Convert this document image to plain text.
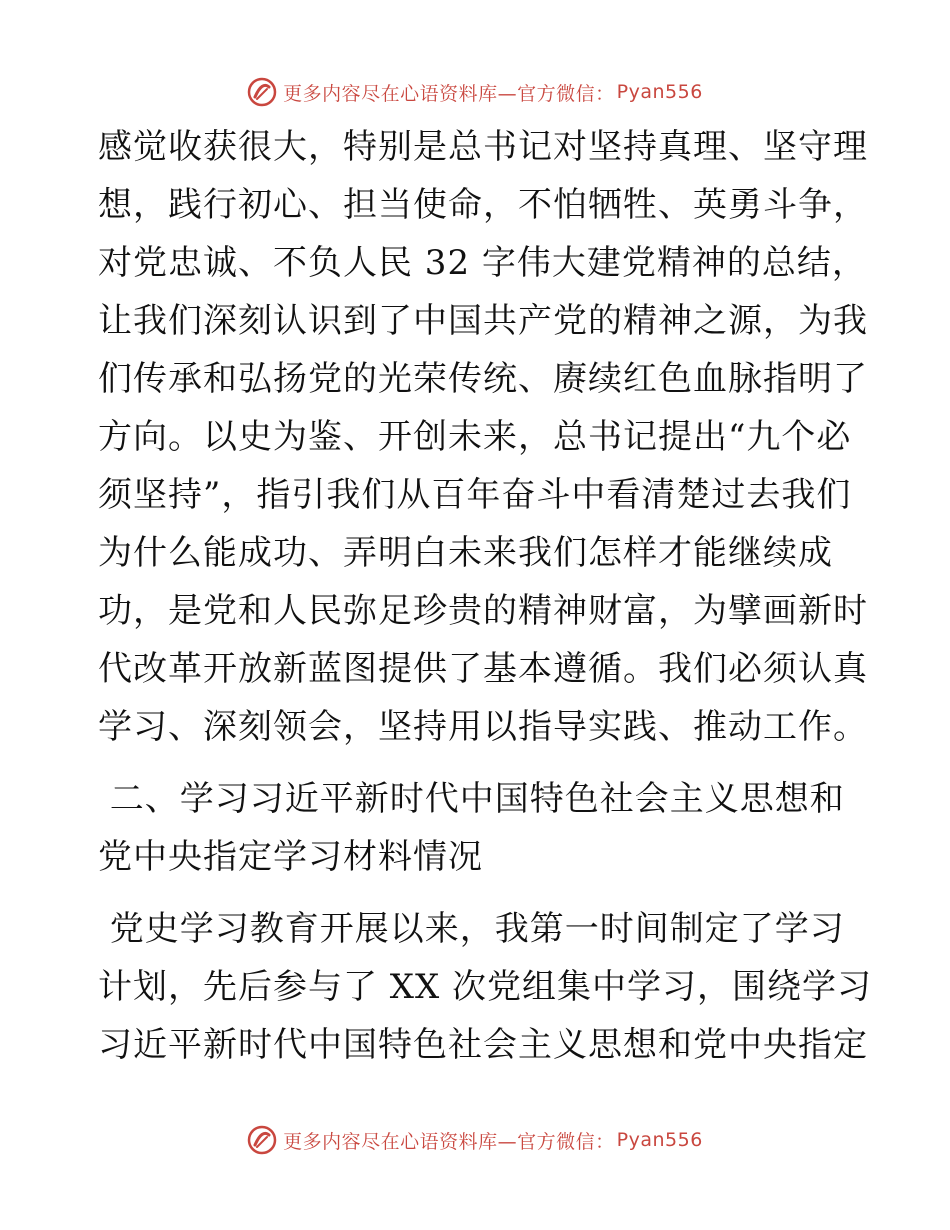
更多内容尽在心语资料库—官方微信： Pyan556
感觉收获很大，特别是总书记对坚持真理、坚守理
想，践行初心、担当使命，不怕牺牲、英勇斗争，
对党忠诚、不负人民 32 字伟大建党精神的总结，
让我们深刻认识到了中国共产党的精神之源，为我
们传承和弘扬党的光荣传统、赓续红色血脉指明了
方向。以史为鉴、开创未来，总书记提出“九个必
须坚持”，指引我们从百年奋斗中看清楚过去我们
为什么能成功、弄明白未来我们怎样才能继续成
功，是党和人民弥足珍贵的精神财富，为擘画新时
代改革开放新蓝图提供了基本遵循。我们必须认真
学习、深刻领会，坚持用以指导实践、推动工作。
二、学习习近平新时代中国特色社会主义思想和
党中央指定学习材料情况
党史学习教育开展以来，我第一时间制定了学习
计划，先后参与了 XX 次党组集中学习，围绕学习
习近平新时代中国特色社会主义思想和党中央指定
更多内容尽在心语资料库—官方微信： Pyan556
